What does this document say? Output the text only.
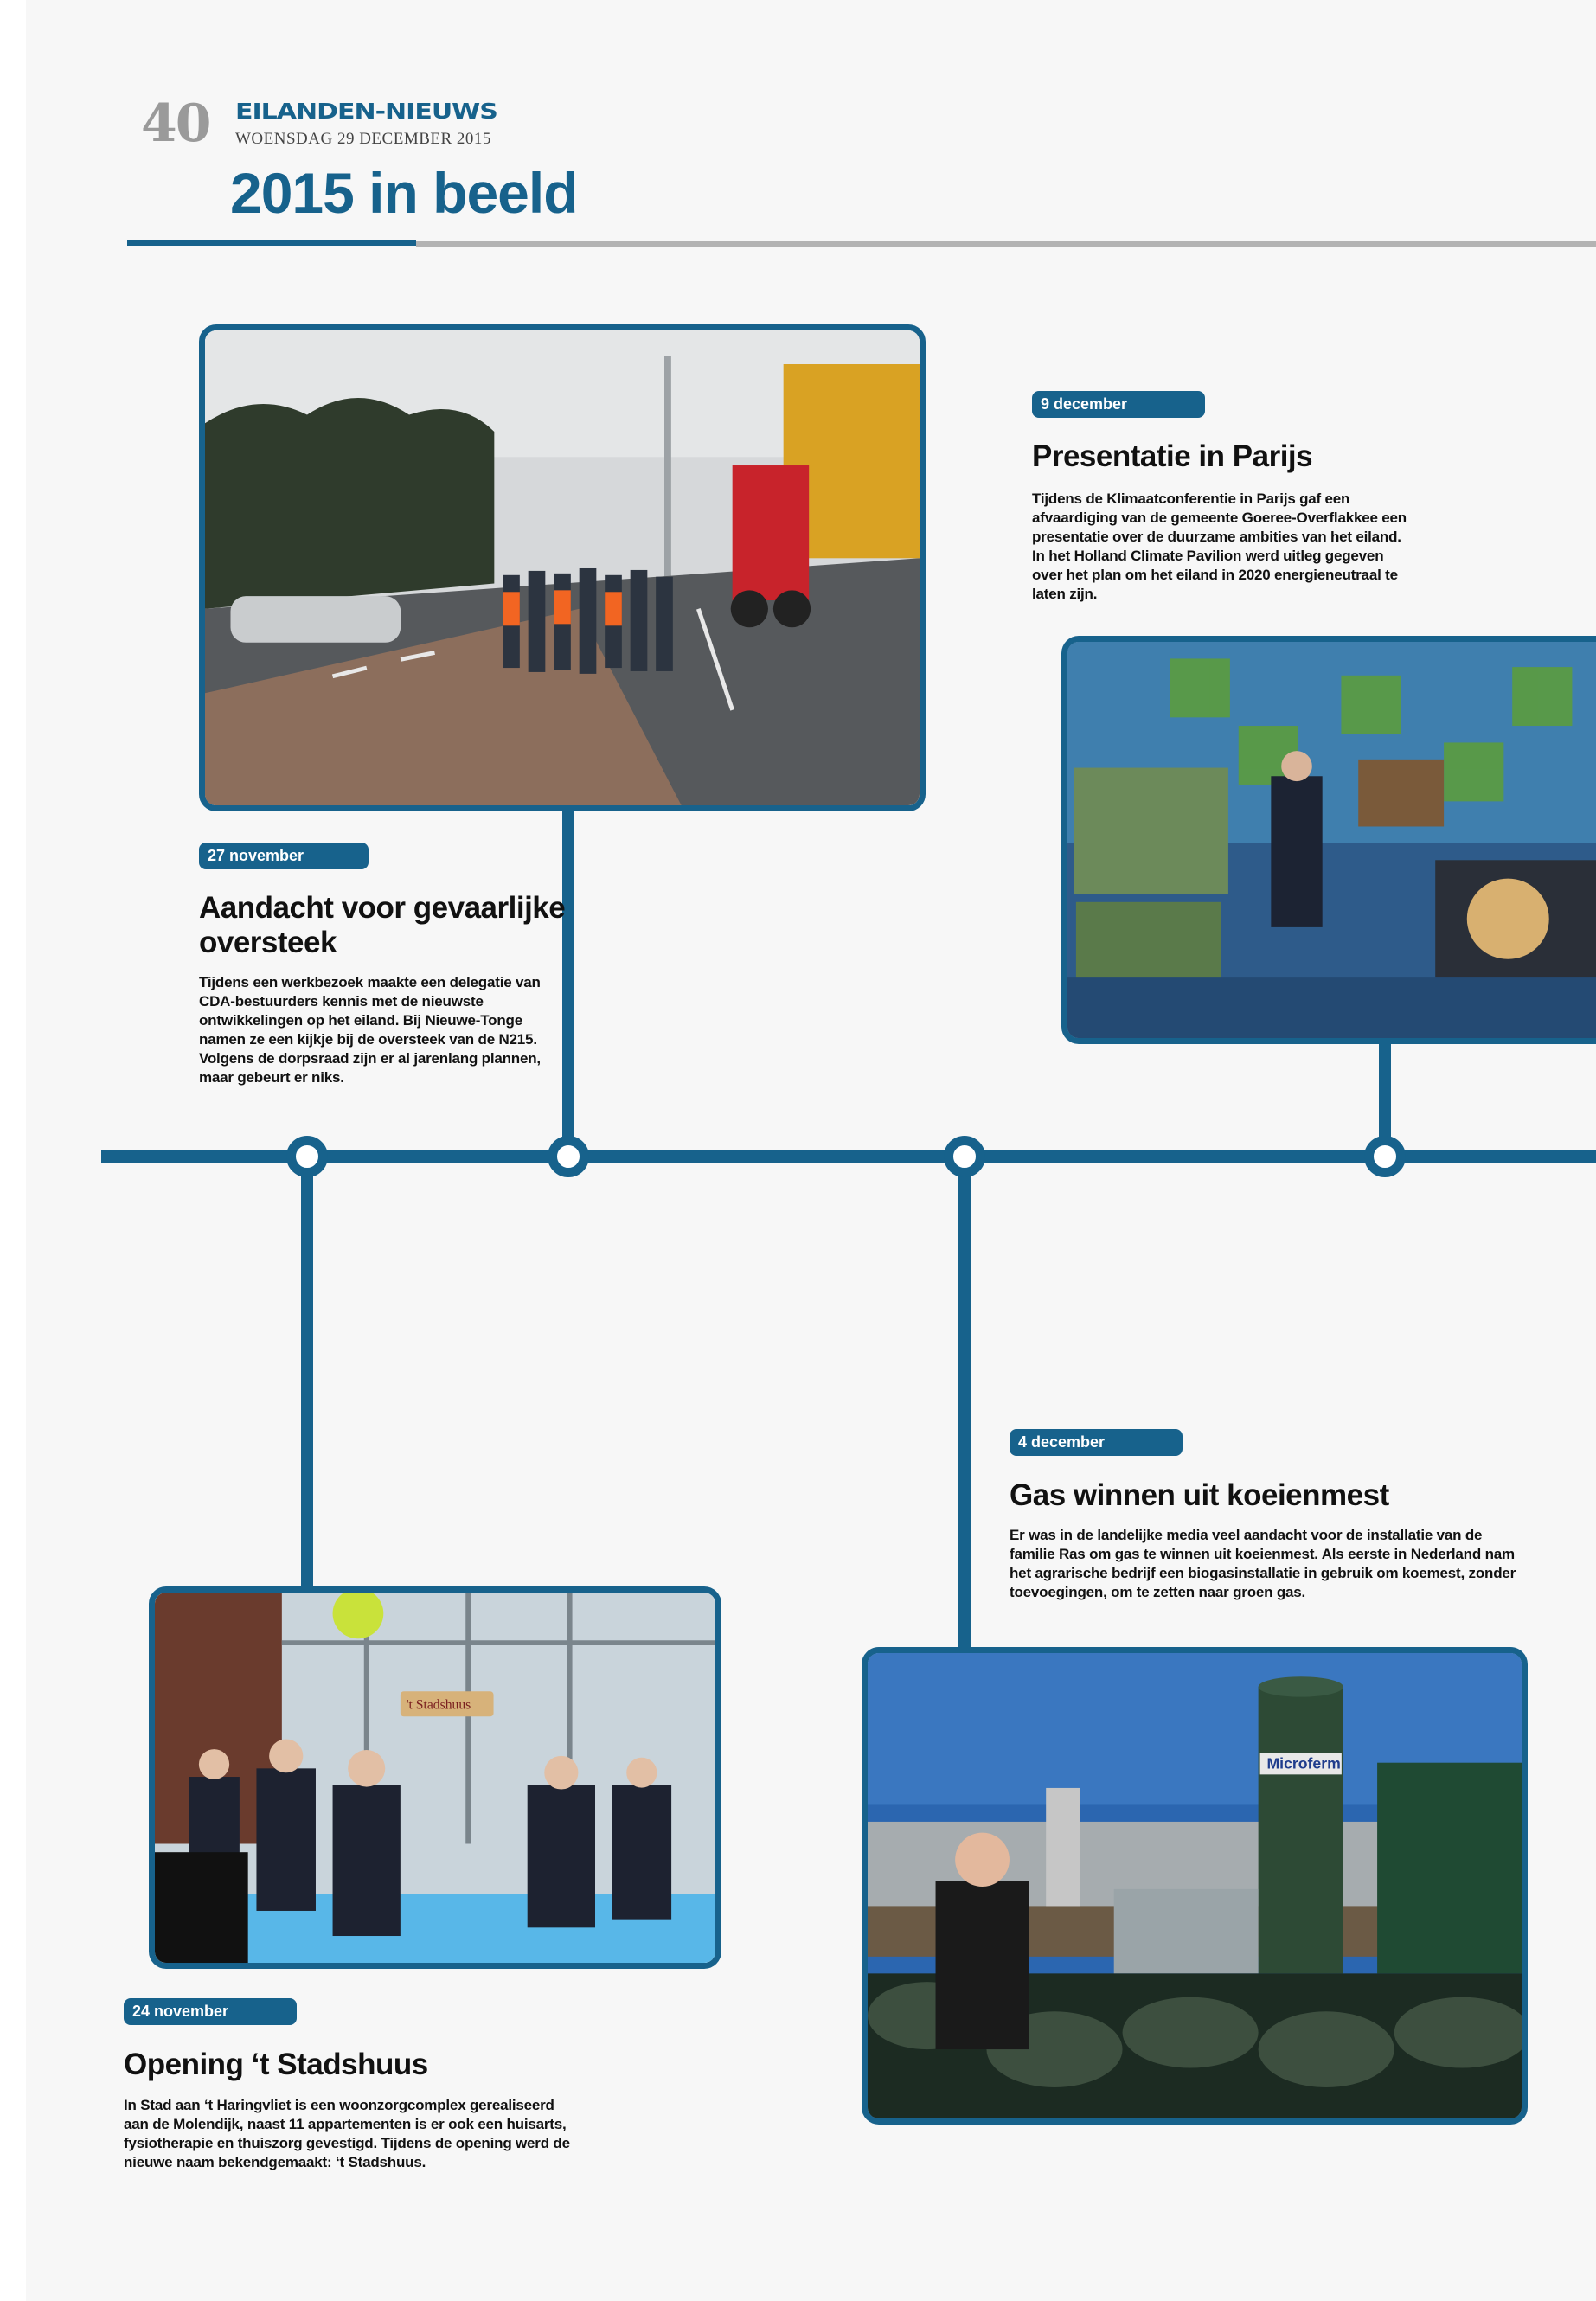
40 EILANDEN-NIEUWS
WOENSDAG 29 DECEMBER 2015
2015 in beeld
't Stadshuus
Microferm
9 december
Presentatie in Parijs
Tijdens de Klimaatconferentie in Parijs gaf een afvaardiging van de gemeente Goeree-Overflakkee een presentatie over de duurzame ambities van het eiland. In het Holland Climate Pavilion werd uitleg gegeven over het plan om het eiland in 2020 energieneutraal te laten zijn.
27 november
Aandacht voor gevaarlijke oversteek
Tijdens een werkbezoek maakte een delegatie van CDA-bestuurders kennis met de nieuwste ontwikkelingen op het eiland. Bij Nieuwe-Tonge namen ze een kijkje bij de oversteek van de N215. Volgens de dorpsraad zijn er al jarenlang plannen, maar gebeurt er niks.
4 december
Gas winnen uit koeienmest
Er was in de landelijke media veel aandacht voor de installatie van de familie Ras om gas te winnen uit koeienmest. Als eerste in Nederland nam het agrarische bedrijf een biogasinstallatie in gebruik om koemest, zonder toevoegingen, om te zetten naar groen gas.
24 november
Opening ‘t Stadshuus
In Stad aan ‘t Haringvliet is een woonzorgcomplex gerealiseerd aan de Molendijk, naast 11 appartementen is er ook een huisarts, fysiotherapie en thuiszorg gevestigd. Tijdens de opening werd de nieuwe naam bekendgemaakt: ‘t Stadshuus.
